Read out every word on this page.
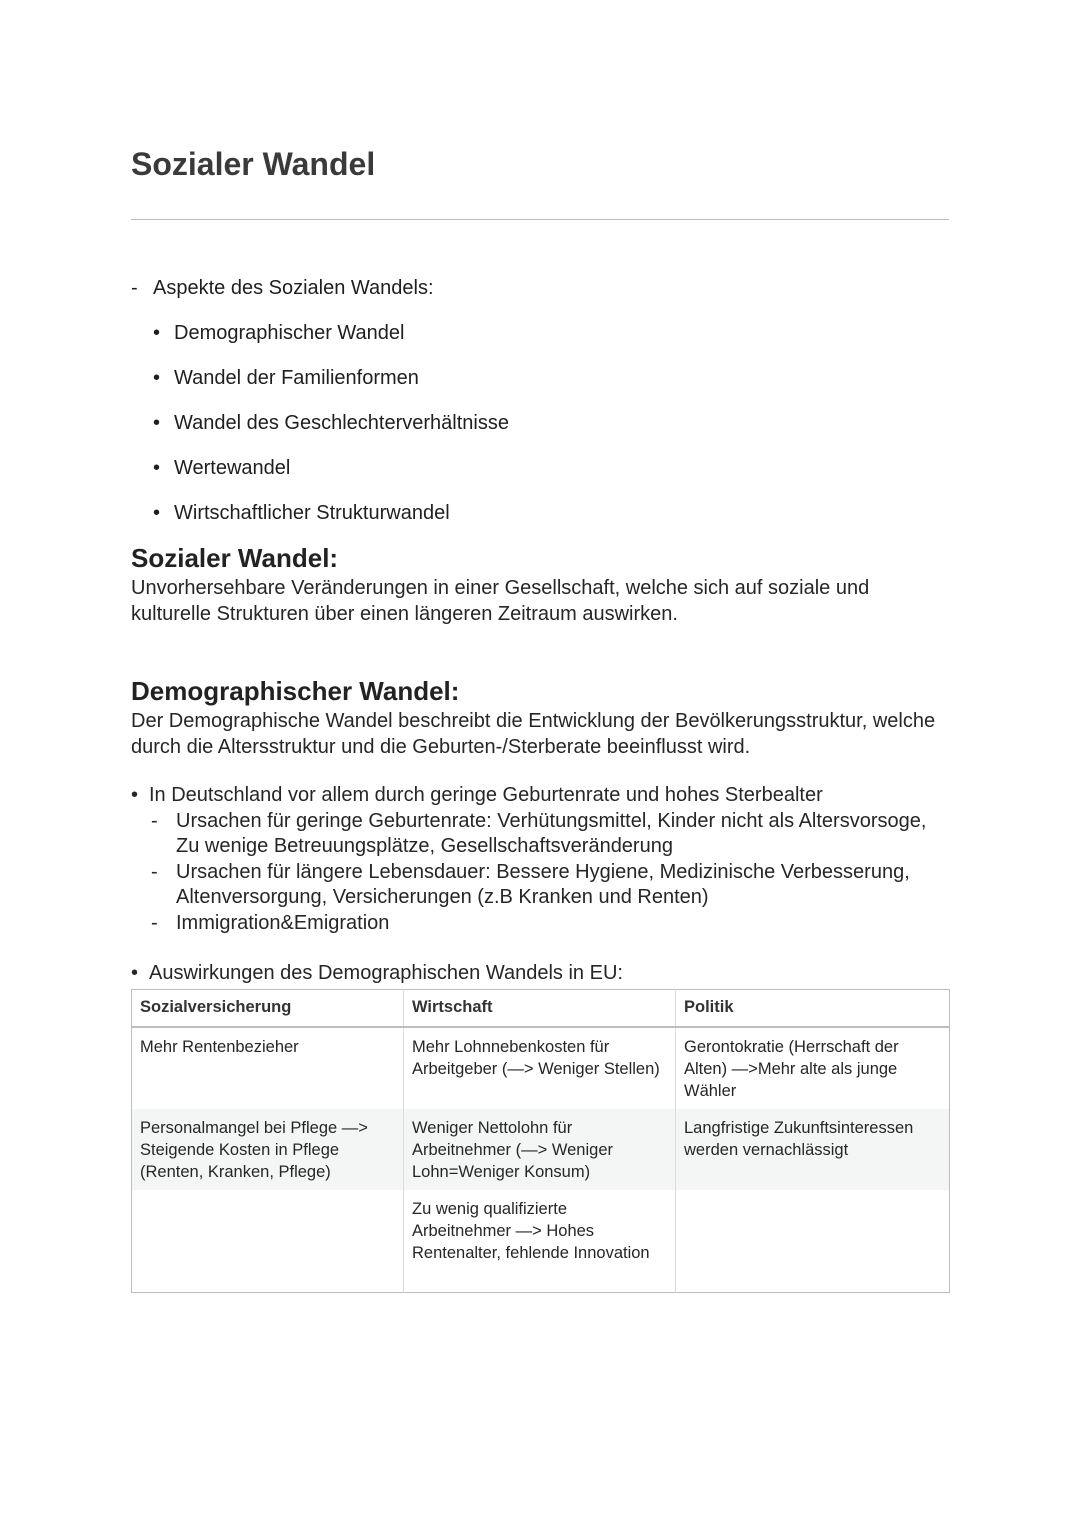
Sozialer Wandel
- Aspekte des Sozialen Wandels:
• Demographischer Wandel
• Wandel der Familienformen
• Wandel des Geschlechterverhältnisse
• Wertewandel
• Wirtschaftlicher Strukturwandel
Sozialer Wandel:

Unvorhersehbare Veränderungen in einer Gesellschaft, welche sich auf soziale und kulturelle Strukturen über einen längeren Zeitraum auswirken.

Demographischer Wandel:

Der Demographische Wandel beschreibt die Entwicklung der Bevölkerungsstruktur, welche durch die Altersstruktur und die Geburten-/Sterberate beeinflusst wird.

• In Deutschland vor allem durch geringe Geburtenrate und hohes Sterbealter
- Ursachen für geringe Geburtenrate: Verhütungsmittel, Kinder nicht als Altersvorsoge, Zu wenige Betreuungsplätze, Gesellschaftsveränderung
- Ursachen für längere Lebensdauer: Bessere Hygiene, Medizinische Verbesserung, Altenversorgung, Versicherungen (z.B Kranken und Renten)
- Immigration&Emigration
• Auswirkungen des Demographischen Wandels in EU:
Sozialversicherung	Wirtschaft	Politik
Mehr Rentenbezieher	Mehr Lohnnebenkosten für Arbeitgeber (—> Weniger Stellen)	Gerontokratie (Herrschaft der Alten) —>Mehr alte als junge Wähler
Personalmangel bei Pflege —> Steigende Kosten in Pflege (Renten, Kranken, Pflege)	Weniger Nettolohn für Arbeitnehmer (—> Weniger Lohn=Weniger Konsum)	Langfristige Zukunftsinteressen werden vernachlässigt
	Zu wenig qualifizierte Arbeitnehmer —> Hohes Rentenalter, fehlende Innovation	
